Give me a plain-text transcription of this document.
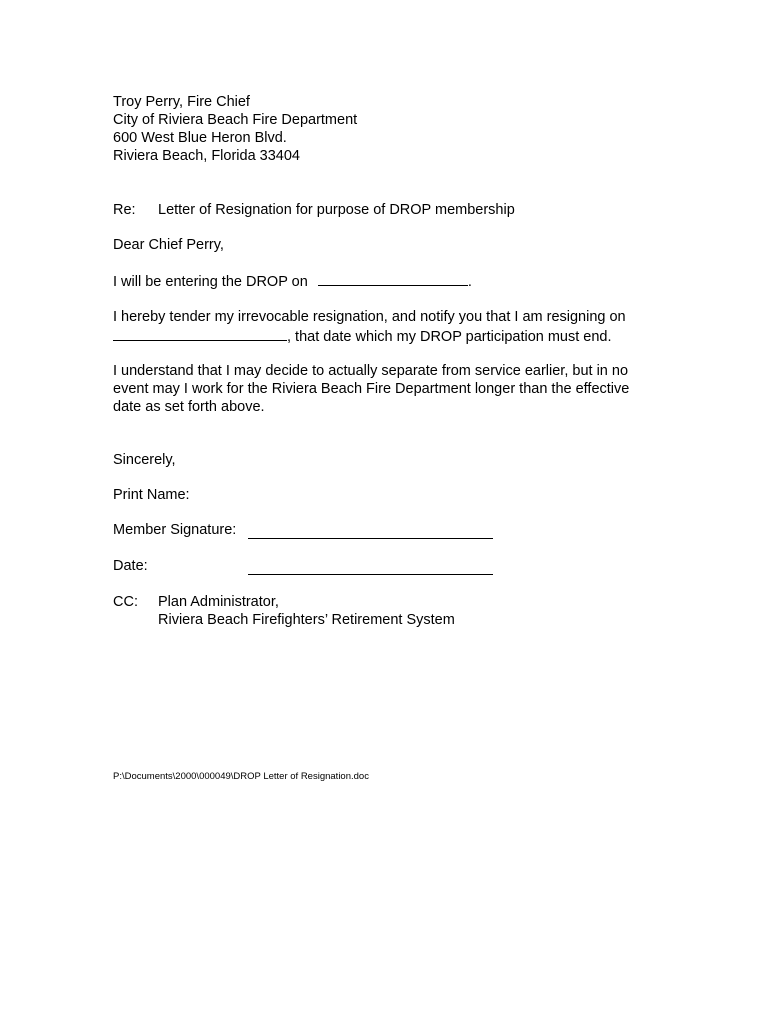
Troy Perry, Fire Chief
City of Riviera Beach Fire Department
600 West Blue Heron Blvd.
Riviera Beach, Florida 33404
Re: Letter of Resignation for purpose of DROP membership
Dear Chief Perry,
I will be entering the DROP on	.
I hereby tender my irrevocable resignation, and notify you that I am resigning on
, that date which my DROP participation must end.
I understand that I may decide to actually separate from service earlier, but in no
event may I work for the Riviera Beach Fire Department longer than the effective
date as set forth above.
Sincerely,
Print Name:
Member Signature:
Date:
CC: Plan Administrator,
Riviera Beach Firefighters’ Retirement System
P:\Documents\2000\000049\DROP Letter of Resignation.doc
